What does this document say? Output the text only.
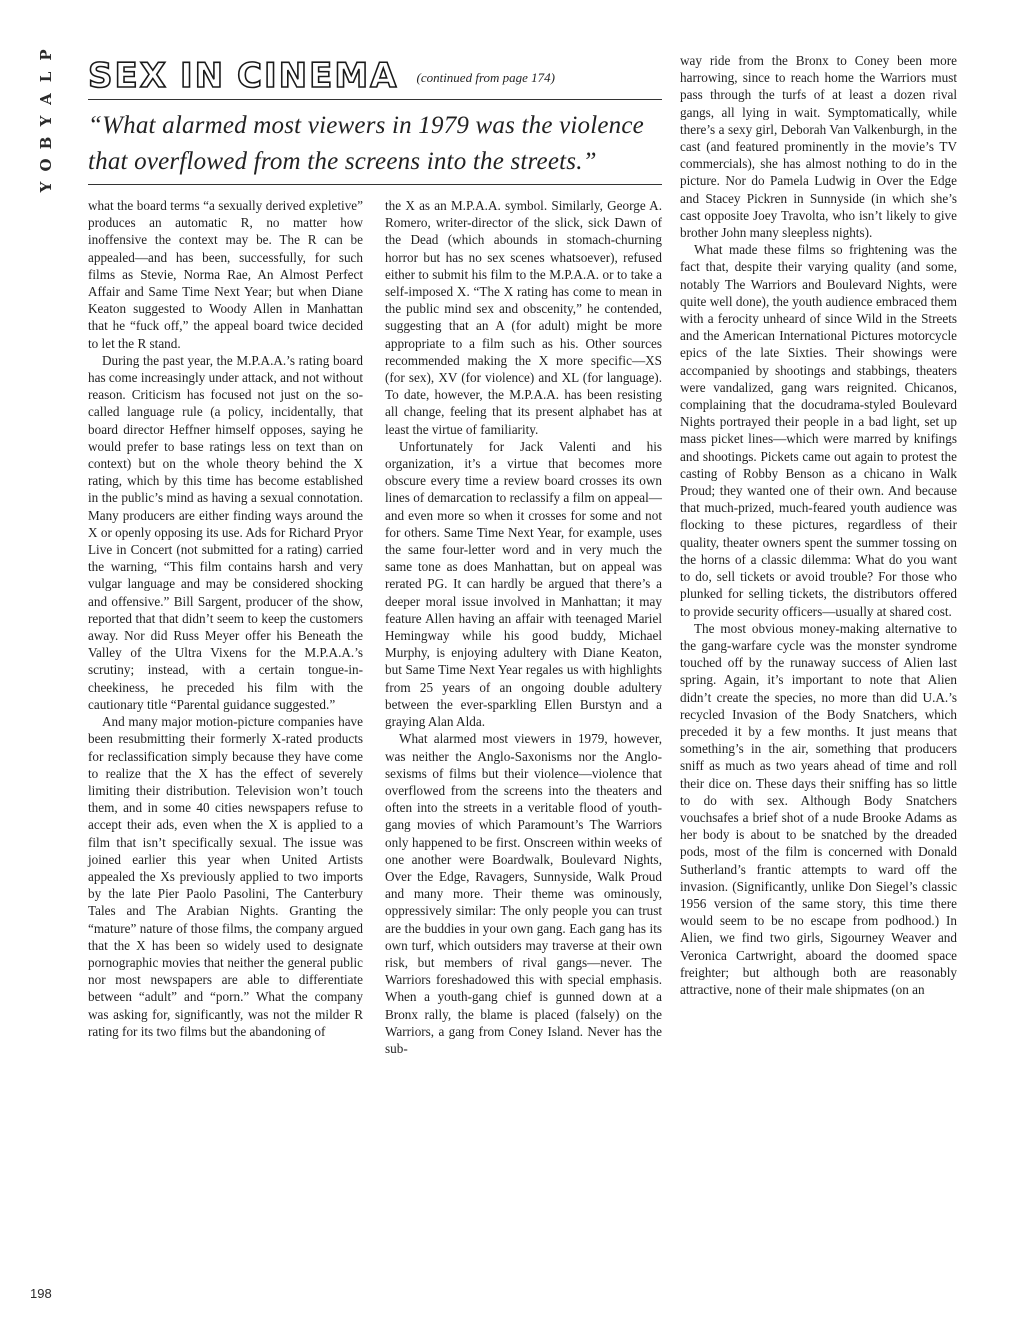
P
L
A
Y
B
O
Y
198
SEX IN CINEMA (continued from page 174)
“What alarmed most viewers in 1979 was the violence
that overflowed from the screens into the streets.”

what the board terms “a sexually derived expletive” produces an automatic R, no matter how inoffensive the context may be. The R can be appealed—and has been, successfully, for such films as Stevie, Norma Rae, An Almost Perfect Affair and Same Time Next Year; but when Diane Keaton suggested to Woody Allen in Manhattan that he “fuck off,” the appeal board twice decided to let the R stand.

During the past year, the M.P.A.A.’s rating board has come increasingly under attack, and not without reason. Criticism has focused not just on the so-called language rule (a policy, incidentally, that board director Heffner himself opposes, saying he would prefer to base ratings less on text than on context) but on the whole theory behind the X rating, which by this time has become established in the public’s mind as having a sexual connotation. Many producers are either finding ways around the X or openly opposing its use. Ads for Richard Pryor Live in Concert (not submitted for a rating) carried the warning, “This film contains harsh and very vulgar language and may be considered shocking and offensive.” Bill Sargent, producer of the show, reported that that didn’t seem to keep the customers away. Nor did Russ Meyer offer his Beneath the Valley of the Ultra Vixens for the M.P.A.A.’s scrutiny; instead, with a certain tongue-in-cheekiness, he preceded his film with the cautionary title “Parental guidance suggested.”

And many major motion-picture companies have been resubmitting their formerly X-rated products for reclassification simply because they have come to realize that the X has the effect of severely limiting their distribution. Television won’t touch them, and in some 40 cities newspapers refuse to accept their ads, even when the X is applied to a film that isn’t specifically sexual. The issue was joined earlier this year when United Artists appealed the Xs previously applied to two imports by the late Pier Paolo Pasolini, The Canterbury Tales and The Arabian Nights. Granting the “mature” nature of those films, the company argued that the X has been so widely used to designate pornographic movies that neither the general public nor most newspapers are able to differentiate between “adult” and “porn.” What the company was asking for, significantly, was not the milder R rating for its two films but the abandoning of

the X as an M.P.A.A. symbol. Similarly, George A. Romero, writer-director of the slick, sick Dawn of the Dead (which abounds in stomach-churning horror but has no sex scenes whatsoever), refused either to submit his film to the M.P.A.A. or to take a self-imposed X. “The X rating has come to mean in the public mind sex and obscenity,” he contended, suggesting that an A (for adult) might be more appropriate to a film such as his. Other sources recommended making the X more specific—XS (for sex), XV (for violence) and XL (for language). To date, however, the M.P.A.A. has been resisting all change, feeling that its present alphabet has at least the virtue of familiarity.

Unfortunately for Jack Valenti and his organization, it’s a virtue that becomes more obscure every time a review board crosses its own lines of demarcation to reclassify a film on appeal—and even more so when it crosses for some and not for others. Same Time Next Year, for example, uses the same four-letter word and in very much the same tone as does Manhattan, but on appeal was rerated PG. It can hardly be argued that there’s a deeper moral issue involved in Manhattan; it may feature Allen having an affair with teenaged Mariel Hemingway while his good buddy, Michael Murphy, is enjoying adultery with Diane Keaton, but Same Time Next Year regales us with highlights from 25 years of an ongoing double adultery between the ever-sparkling Ellen Burstyn and a graying Alan Alda.

What alarmed most viewers in 1979, however, was neither the Anglo-Saxonisms nor the Anglo-sexisms of films but their violence—violence that overflowed from the screens into the theaters and often into the streets in a veritable flood of youth-gang movies of which Paramount’s The Warriors only happened to be first. Onscreen within weeks of one another were Boardwalk, Boulevard Nights, Over the Edge, Ravagers, Sunnyside, Walk Proud and many more. Their theme was ominously, oppressively similar: The only people you can trust are the buddies in your own gang. Each gang has its own turf, which outsiders may traverse at their own risk, but members of rival gangs—never. The Warriors foreshadowed this with special emphasis. When a youth-gang chief is gunned down at a Bronx rally, the blame is placed (falsely) on the Warriors, a gang from Coney Island. Never has the sub-

way ride from the Bronx to Coney been more harrowing, since to reach home the Warriors must pass through the turfs of at least a dozen rival gangs, all lying in wait. Symptomatically, while there’s a sexy girl, Deborah Van Valkenburgh, in the cast (and featured prominently in the movie’s TV commercials), she has almost nothing to do in the picture. Nor do Pamela Ludwig in Over the Edge and Stacey Pickren in Sunnyside (in which she’s cast opposite Joey Travolta, who isn’t likely to give brother John many sleepless nights).

What made these films so frightening was the fact that, despite their varying quality (and some, notably The Warriors and Boulevard Nights, were quite well done), the youth audience embraced them with a ferocity unheard of since Wild in the Streets and the American International Pictures motorcycle epics of the late Sixties. Their showings were accompanied by shootings and stabbings, theaters were vandalized, gang wars reignited. Chicanos, complaining that the docudrama-styled Boulevard Nights portrayed their people in a bad light, set up mass picket lines—which were marred by knifings and shootings. Pickets came out again to protest the casting of Robby Benson as a chicano in Walk Proud; they wanted one of their own. And because that much-prized, much-feared youth audience was flocking to these pictures, regardless of their quality, theater owners spent the summer tossing on the horns of a classic dilemma: What do you want to do, sell tickets or avoid trouble? For those who plunked for selling tickets, the distributors offered to provide security officers—usually at shared cost.

The most obvious money-making alternative to the gang-warfare cycle was the monster syndrome touched off by the runaway success of Alien last spring. Again, it’s important to note that Alien didn’t create the species, no more than did U.A.’s recycled Invasion of the Body Snatchers, which preceded it by a few months. It just means that something’s in the air, something that producers sniff as much as two years ahead of time and roll their dice on. These days their sniffing has so little to do with sex. Although Body Snatchers vouchsafes a brief shot of a nude Brooke Adams as her body is about to be snatched by the dreaded pods, most of the film is concerned with Donald Sutherland’s frantic attempts to ward off the invasion. (Significantly, unlike Don Siegel’s classic 1956 version of the same story, this time there would seem to be no escape from podhood.) In Alien, we find two girls, Sigourney Weaver and Veronica Cartwright, aboard the doomed space freighter; but although both are reasonably attractive, none of their male shipmates (on an
